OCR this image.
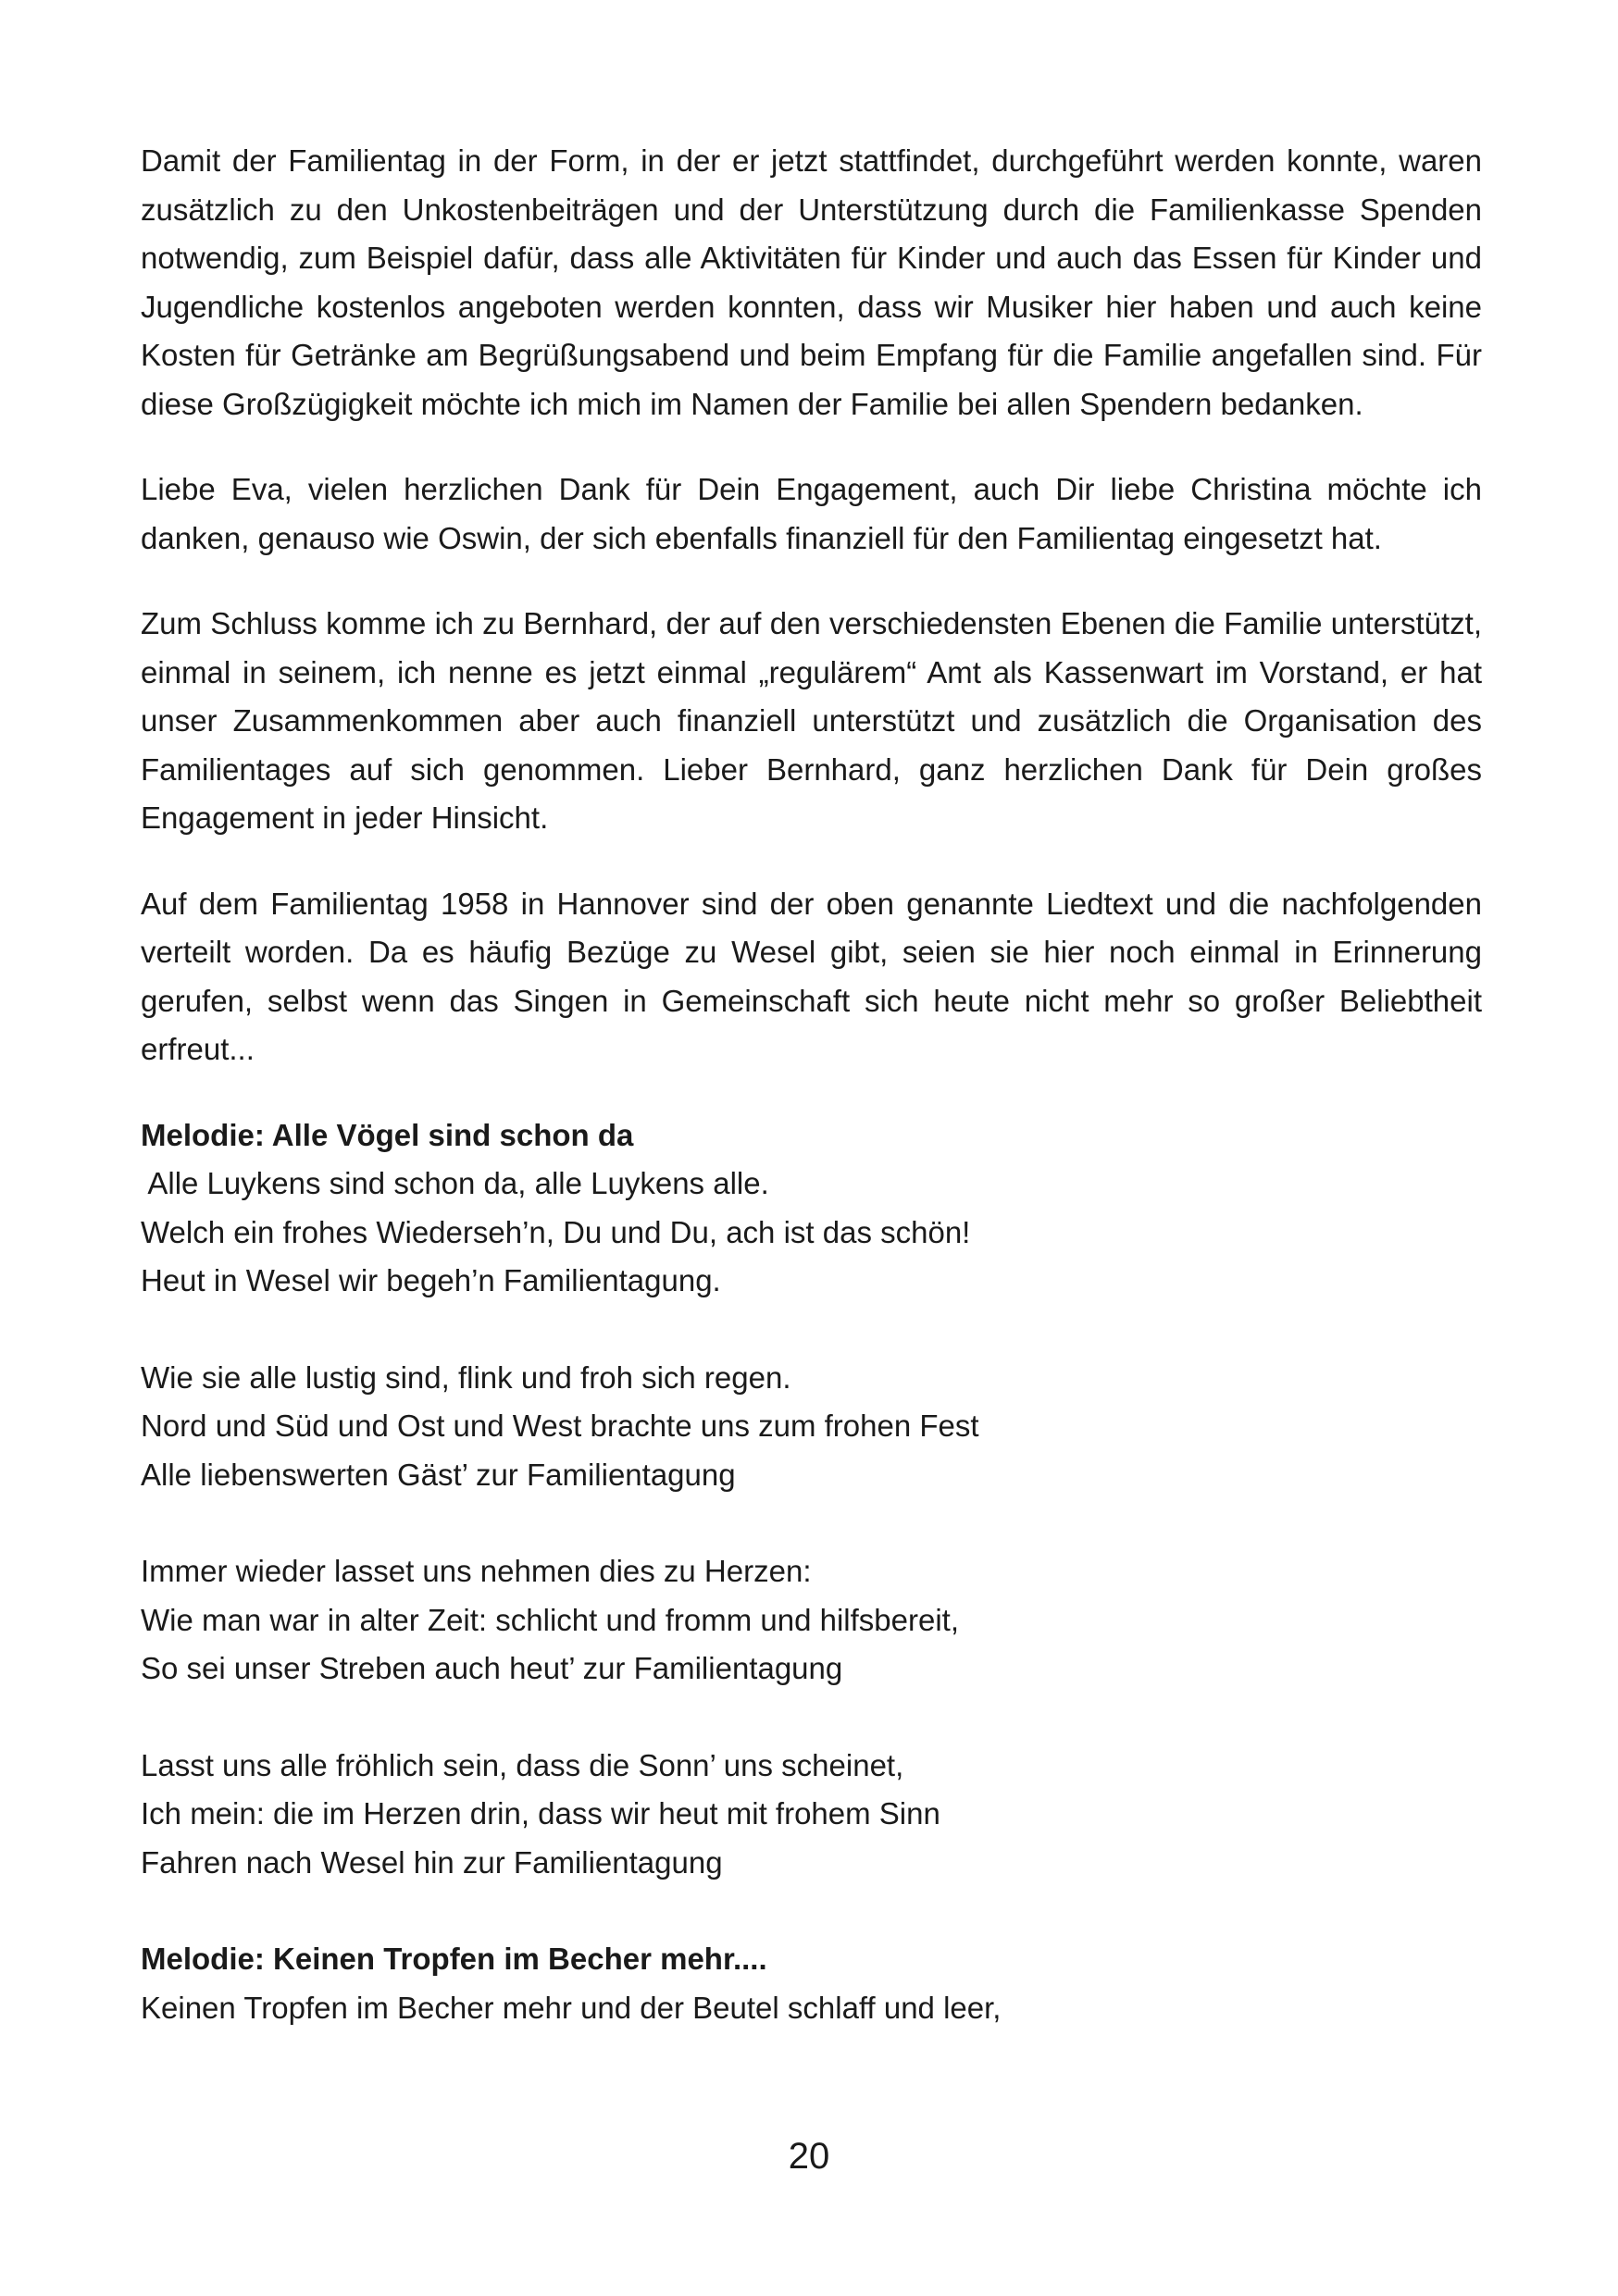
Damit der Familientag in der Form, in der er jetzt stattfindet, durchgeführt werden konnte, waren zusätzlich zu den Unkostenbeiträgen und der Unterstützung durch die Familienkasse Spenden notwendig, zum Beispiel dafür, dass alle Aktivitäten für Kinder und auch das Essen für Kinder und Jugendliche kostenlos angeboten werden konnten, dass wir Musiker hier haben und auch keine Kosten für Getränke am Begrüßungsabend und beim Empfang für die Familie angefallen sind. Für diese Großzügigkeit möchte ich mich im Namen der Familie bei allen Spendern bedanken.

Liebe Eva, vielen herzlichen Dank für Dein Engagement, auch Dir liebe Christina möchte ich danken, genauso wie Oswin, der sich ebenfalls finanziell für den Familientag eingesetzt hat.

Zum Schluss komme ich zu Bernhard, der auf den verschiedensten Ebenen die Familie unterstützt, einmal in seinem, ich nenne es jetzt einmal „regulärem“ Amt als Kassenwart im Vorstand, er hat unser Zusammenkommen aber auch finanziell unterstützt und zusätzlich die Organisation des Familientages auf sich genommen. Lieber Bernhard, ganz herzlichen Dank für Dein großes Engagement in jeder Hinsicht.

Auf dem Familientag 1958 in Hannover sind der oben genannte Liedtext und die nachfolgenden verteilt worden. Da es häufig Bezüge zu Wesel gibt, seien sie hier noch einmal in Erinnerung gerufen, selbst wenn das Singen in Gemeinschaft sich heute nicht mehr so großer Beliebtheit erfreut...

Melodie: Alle Vögel sind schon da

Alle Luykens sind schon da, alle Luykens alle.
Welch ein frohes Wiederseh’n, Du und Du, ach ist das schön!
Heut in Wesel wir begeh’n Familientagung.
Wie sie alle lustig sind, flink und froh sich regen.
Nord und Süd und Ost und West brachte uns zum frohen Fest
Alle liebenswerten Gäst’ zur Familientagung
Immer wieder lasset uns nehmen dies zu Herzen:
Wie man war in alter Zeit: schlicht und fromm und hilfsbereit,
So sei unser Streben auch heut’ zur Familientagung
Lasst uns alle fröhlich sein, dass die Sonn’ uns scheinet,
Ich mein: die im Herzen drin, dass wir heut mit frohem Sinn
Fahren nach Wesel hin zur Familientagung

Melodie: Keinen Tropfen im Becher mehr....

Keinen Tropfen im Becher mehr und der Beutel schlaff und leer,
20
